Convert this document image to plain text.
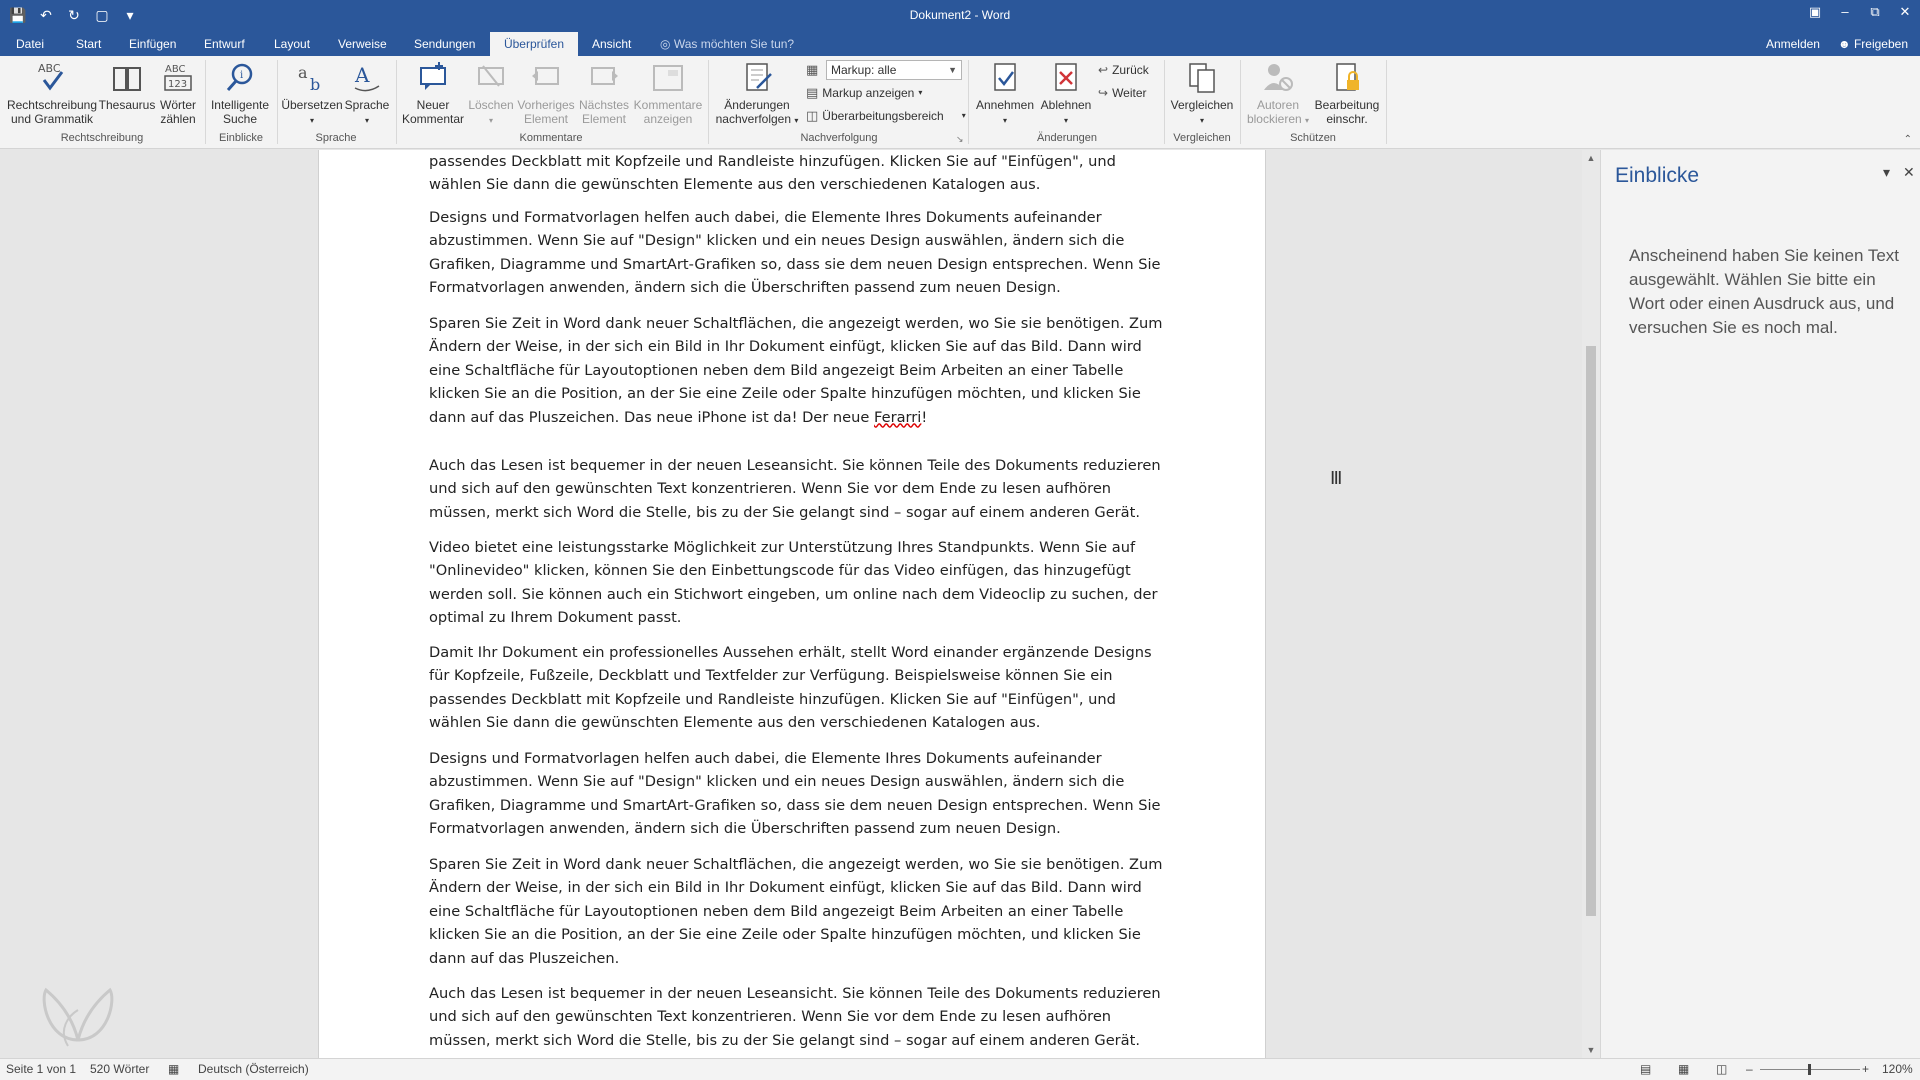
💾 ↶	↻	▢	▾	Dokument2 - Word	▣	–	⧉	✕
Datei	Start	Einfügen	Entwurf	Layout	Verweise	Sendungen	Überprüfen	Ansicht	◎ Was möchten Sie tun?	Anmelden ☻ Freigeben
ABC
Rechtschreibung
und Grammatik
Thesaurus
ABC
123
Wörter
zählen
Rechtschreibung
i
Intelligente
Suche
Einblicke
a
b
Übersetzen
▾
A
Sprache
▾
Sprache
Neuer
Kommentar
Löschen
▾
Vorheriges
Element
Nächstes
Element
Kommentare
anzeigen
Kommentare
Änderungen
nachverfolgen ▾
▦	Markup: alle	▼
▤ Markup anzeigen ▾
◫ Überarbeitungsbereich ▾
Nachverfolgung	↘
Annehmen
▾
Ablehnen
▾
↩ Zurück
↪ Weiter
Änderungen
Vergleichen
▾
Vergleichen
Autoren
blockieren ▾
Bearbeitung
einschr.
Schützen	⌃
passendes Deckblatt mit Kopfzeile und Randleiste hinzufügen. Klicken Sie auf "Einfügen", und wählen Sie dann die gewünschten Elemente aus den verschiedenen Katalogen aus.
Designs und Formatvorlagen helfen auch dabei, die Elemente Ihres Dokuments aufeinander abzustimmen. Wenn Sie auf "Design" klicken und ein neues Design auswählen, ändern sich die Grafiken, Diagramme und SmartArt-Grafiken so, dass sie dem neuen Design entsprechen. Wenn Sie Formatvorlagen anwenden, ändern sich die Überschriften passend zum neuen Design.
Sparen Sie Zeit in Word dank neuer Schaltflächen, die angezeigt werden, wo Sie sie benötigen. Zum Ändern der Weise, in der sich ein Bild in Ihr Dokument einfügt, klicken Sie auf das Bild. Dann wird eine Schaltfläche für Layoutoptionen neben dem Bild angezeigt Beim Arbeiten an einer Tabelle klicken Sie an die Position, an der Sie eine Zeile oder Spalte hinzufügen möchten, und klicken Sie dann auf das Pluszeichen. Das neue iPhone ist da! Der neue Ferarri!
Auch das Lesen ist bequemer in der neuen Leseansicht. Sie können Teile des Dokuments reduzieren und sich auf den gewünschten Text konzentrieren. Wenn Sie vor dem Ende zu lesen aufhören müssen, merkt sich Word die Stelle, bis zu der Sie gelangt sind – sogar auf einem anderen Gerät.
Video bietet eine leistungsstarke Möglichkeit zur Unterstützung Ihres Standpunkts. Wenn Sie auf "Onlinevideo" klicken, können Sie den Einbettungscode für das Video einfügen, das hinzugefügt werden soll. Sie können auch ein Stichwort eingeben, um online nach dem Videoclip zu suchen, der optimal zu Ihrem Dokument passt.
Damit Ihr Dokument ein professionelles Aussehen erhält, stellt Word einander ergänzende Designs für Kopfzeile, Fußzeile, Deckblatt und Textfelder zur Verfügung. Beispielsweise können Sie ein passendes Deckblatt mit Kopfzeile und Randleiste hinzufügen. Klicken Sie auf "Einfügen", und wählen Sie dann die gewünschten Elemente aus den verschiedenen Katalogen aus.
Designs und Formatvorlagen helfen auch dabei, die Elemente Ihres Dokuments aufeinander abzustimmen. Wenn Sie auf "Design" klicken und ein neues Design auswählen, ändern sich die Grafiken, Diagramme und SmartArt-Grafiken so, dass sie dem neuen Design entsprechen. Wenn Sie Formatvorlagen anwenden, ändern sich die Überschriften passend zum neuen Design.
Sparen Sie Zeit in Word dank neuer Schaltflächen, die angezeigt werden, wo Sie sie benötigen. Zum Ändern der Weise, in der sich ein Bild in Ihr Dokument einfügt, klicken Sie auf das Bild. Dann wird eine Schaltfläche für Layoutoptionen neben dem Bild angezeigt Beim Arbeiten an einer Tabelle klicken Sie an die Position, an der Sie eine Zeile oder Spalte hinzufügen möchten, und klicken Sie dann auf das Pluszeichen.
Auch das Lesen ist bequemer in der neuen Leseansicht. Sie können Teile des Dokuments reduzieren und sich auf den gewünschten Text konzentrieren. Wenn Sie vor dem Ende zu lesen aufhören müssen, merkt sich Word die Stelle, bis zu der Sie gelangt sind – sogar auf einem anderen Gerät.
Ⅲ
▲
▼
Einblicke	▾ ✕
Anscheinend haben Sie keinen Text ausgewählt. Wählen Sie bitte ein Wort oder einen Ausdruck aus, und versuchen Sie es noch mal.
Seite 1 von 1 520 Wörter ▦ Deutsch (Österreich)	▤ ▦ ◫ –	+ 120%
